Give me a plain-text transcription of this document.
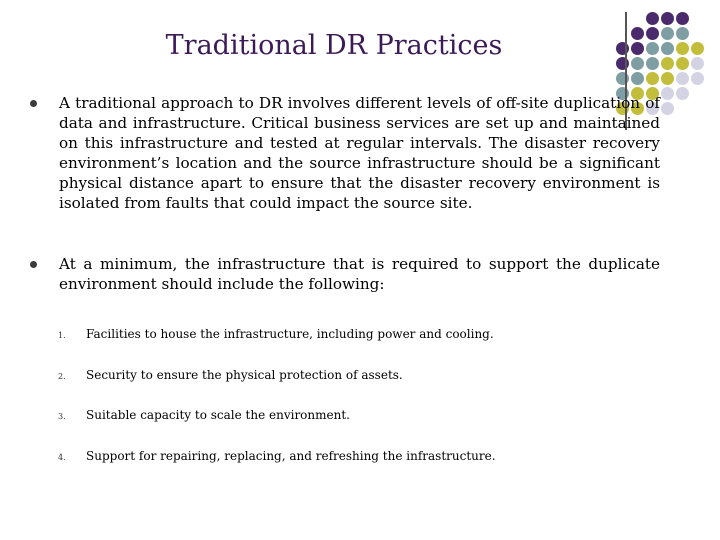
Traditional DR Practices
A traditional approach to DR involves different levels of off-site duplication of data and infrastructure. Critical business services are set up and maintained on this infrastructure and tested at regular intervals. The disaster recovery environment’s location and the source infrastructure should be a significant physical distance apart to ensure that the disaster recovery environment is isolated from faults that could impact the source site.
At a minimum, the infrastructure that is required to support the duplicate environment should include the following:
1. Facilities to house the infrastructure, including power and cooling.
2. Security to ensure the physical protection of assets.
3. Suitable capacity to scale the environment.
4. Support for repairing, replacing, and refreshing the infrastructure.
